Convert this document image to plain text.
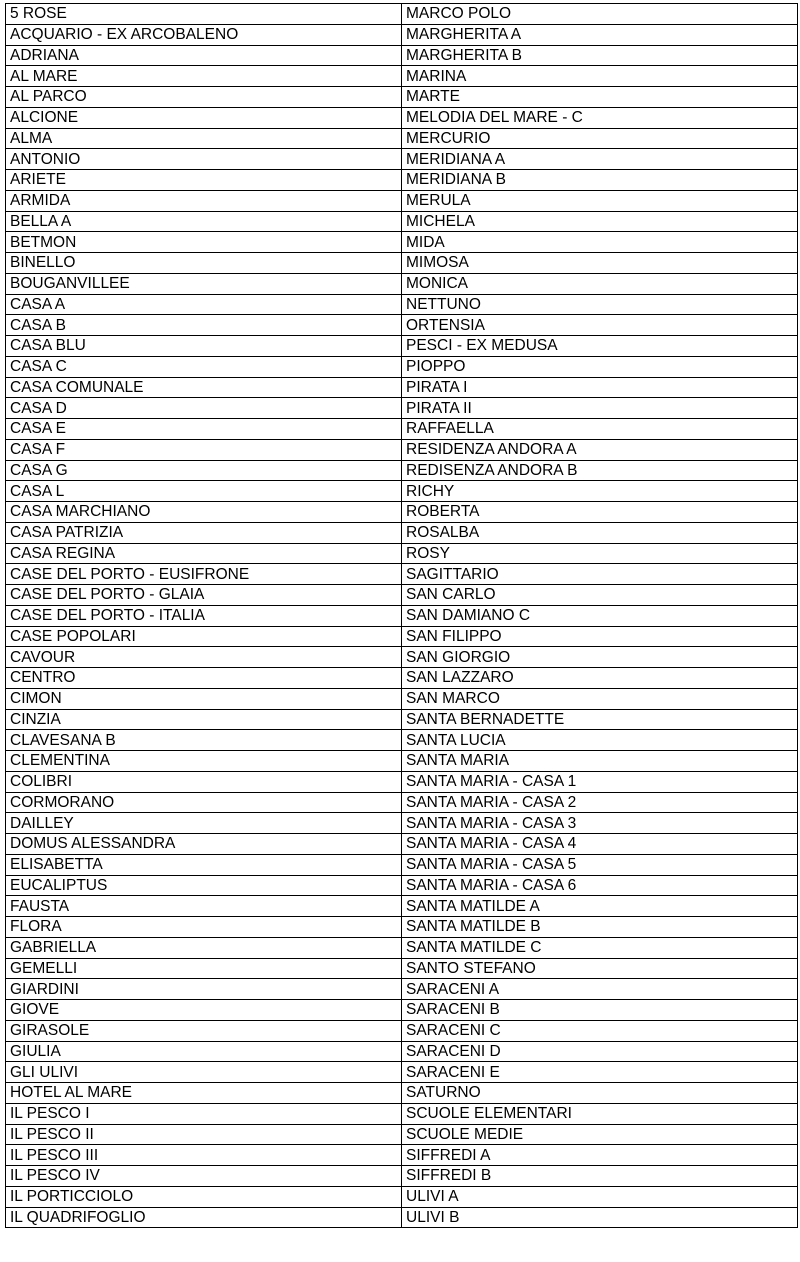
5 ROSE	MARCO POLO
ACQUARIO - EX ARCOBALENO	MARGHERITA A
ADRIANA	MARGHERITA B
AL MARE	MARINA
AL PARCO	MARTE
ALCIONE	MELODIA DEL MARE - C
ALMA	MERCURIO
ANTONIO	MERIDIANA A
ARIETE	MERIDIANA B
ARMIDA	MERULA
BELLA A	MICHELA
BETMON	MIDA
BINELLO	MIMOSA
BOUGANVILLEE	MONICA
CASA A	NETTUNO
CASA B	ORTENSIA
CASA BLU	PESCI - EX MEDUSA
CASA C	PIOPPO
CASA COMUNALE	PIRATA I
CASA D	PIRATA II
CASA E	RAFFAELLA
CASA F	RESIDENZA ANDORA A
CASA G	REDISENZA ANDORA B
CASA L	RICHY
CASA MARCHIANO	ROBERTA
CASA PATRIZIA	ROSALBA
CASA REGINA	ROSY
CASE DEL PORTO - EUSIFRONE	SAGITTARIO
CASE DEL PORTO - GLAIA	SAN CARLO
CASE DEL PORTO - ITALIA	SAN DAMIANO C
CASE POPOLARI	SAN FILIPPO
CAVOUR	SAN GIORGIO
CENTRO	SAN LAZZARO
CIMON	SAN MARCO
CINZIA	SANTA BERNADETTE
CLAVESANA B	SANTA LUCIA
CLEMENTINA	SANTA MARIA
COLIBRI	SANTA MARIA - CASA 1
CORMORANO	SANTA MARIA - CASA 2
DAILLEY	SANTA MARIA - CASA 3
DOMUS ALESSANDRA	SANTA MARIA - CASA 4
ELISABETTA	SANTA MARIA - CASA 5
EUCALIPTUS	SANTA MARIA - CASA 6
FAUSTA	SANTA MATILDE A
FLORA	SANTA MATILDE B
GABRIELLA	SANTA MATILDE C
GEMELLI	SANTO STEFANO
GIARDINI	SARACENI A
GIOVE	SARACENI B
GIRASOLE	SARACENI C
GIULIA	SARACENI D
GLI ULIVI	SARACENI E
HOTEL AL MARE	SATURNO
IL PESCO I	SCUOLE ELEMENTARI
IL PESCO II	SCUOLE MEDIE
IL PESCO III	SIFFREDI A
IL PESCO IV	SIFFREDI B
IL PORTICCIOLO	ULIVI A
IL QUADRIFOGLIO	ULIVI B
